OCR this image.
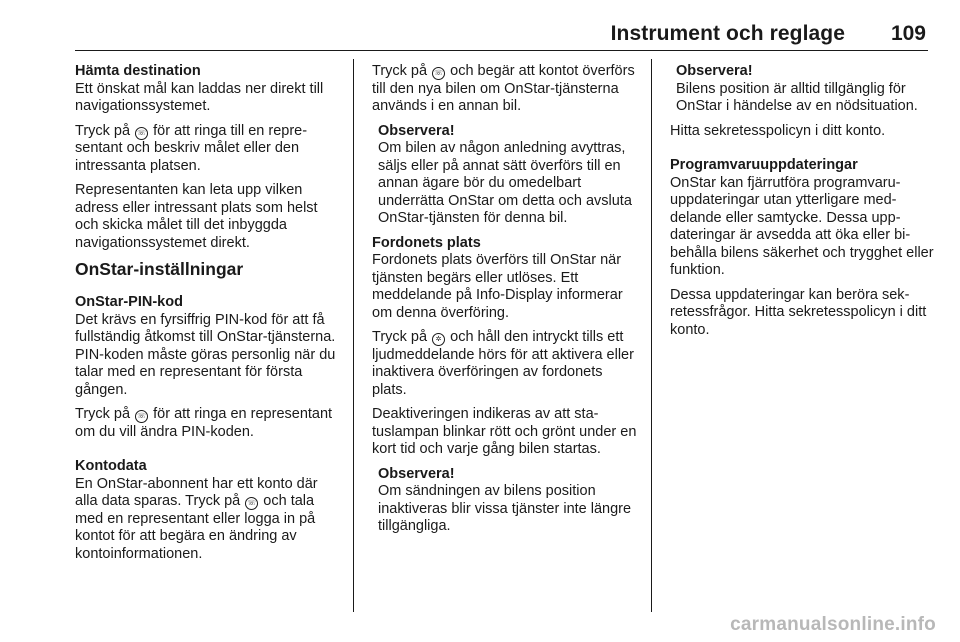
Instrument och reglage	109
Hämta destination

Ett önskat mål kan laddas ner direkt till navigationssystemet.

Tryck på ☏ för att ringa till en representant och beskriv målet eller den intressanta platsen.

Representanten kan leta upp vilken adress eller intressant plats som helst och skicka målet till det inbyggda navigationssystemet direkt.

OnStar-inställningar
OnStar-PIN-kod

Det krävs en fyrsiffrig PIN-kod för att få fullständig åtkomst till OnStar-tjänsterna. PIN-koden måste göras personlig när du talar med en representant för första gången.

Tryck på ☏ för att ringa en representant om du vill ändra PIN-koden.

Kontodata

En OnStar-abonnent har ett konto där alla data sparas. Tryck på ☏ och tala med en representant eller logga in på kontot för att begära en ändring av kontoinformationen.

Tryck på ☏ och begär att kontot överförs till den nya bilen om OnStar-tjänsterna används i en annan bil.

Observera!

Om bilen av någon anledning avyttras, säljs eller på annat sätt överförs till en annan ägare bör du omedelbart underrätta OnStar om detta och avsluta OnStar-tjänsten för denna bil.

Fordonets plats

Fordonets plats överförs till OnStar när tjänsten begärs eller utlöses. Ett meddelande på Info-Display informerar om denna överföring.

Tryck på ✲ och håll den intryckt tills ett ljudmeddelande hörs för att aktivera eller inaktivera överföringen av fordonets plats.

Deaktiveringen indikeras av att statuslampan blinkar rött och grönt under en kort tid och varje gång bilen startas.

Observera!

Om sändningen av bilens position inaktiveras blir vissa tjänster inte längre tillgängliga.

Observera!

Bilens position är alltid tillgänglig för OnStar i händelse av en nödsituation.

Hitta sekretesspolicyn i ditt konto.

Programvaruuppdateringar

OnStar kan fjärrutföra programvaruuppdateringar utan ytterligare meddelande eller samtycke. Dessa uppdateringar är avsedda att öka eller bibehålla bilens säkerhet och trygghet eller funktion.

Dessa uppdateringar kan beröra sekretessfrågor. Hitta sekretesspolicyn i ditt konto.

carmanualsonline.info
